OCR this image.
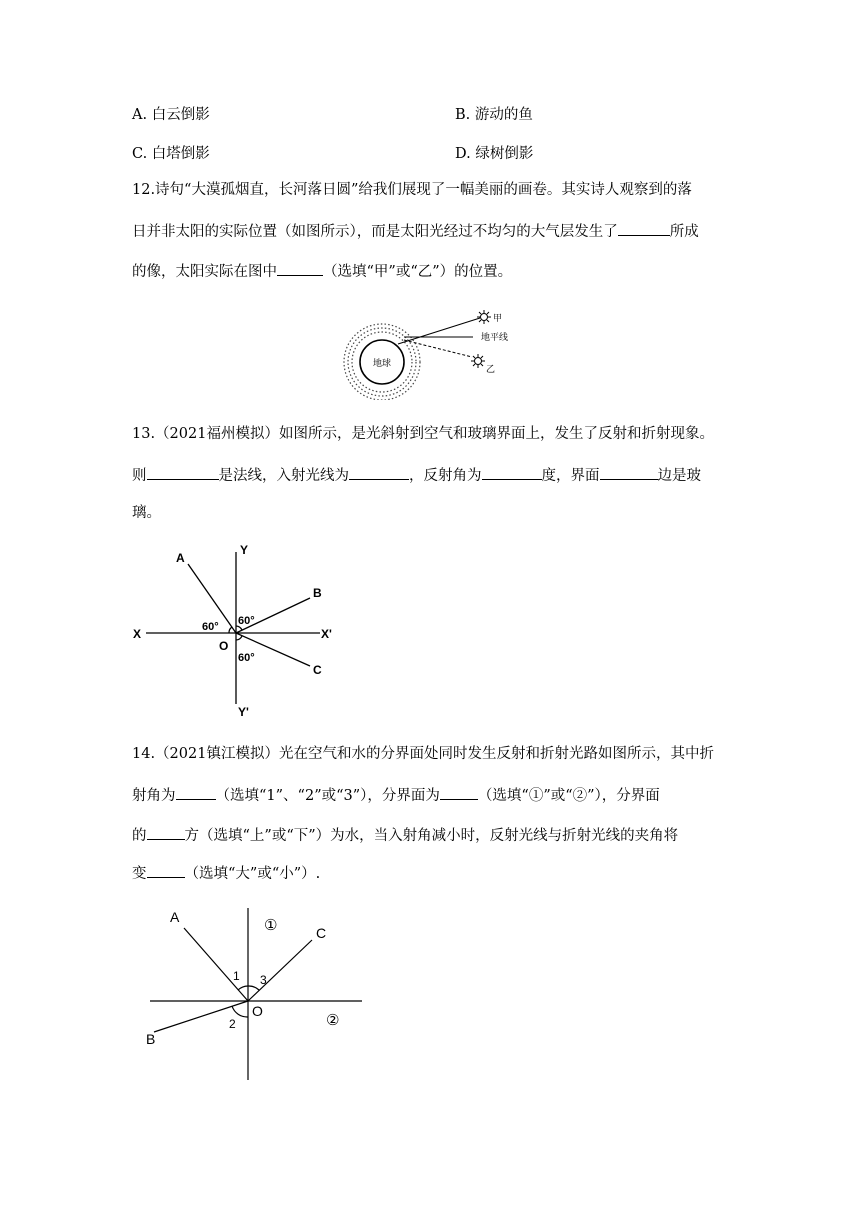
A. 白云倒影	B. 游动的鱼
C. 白塔倒影	D. 绿树倒影
12.诗句“大漠孤烟直，长河落日圆”给我们展现了一幅美丽的画卷。其实诗人观察到的落
日并非太阳的实际位置（如图所示），而是太阳光经过不均匀的大气层发生了	所成
的像，太阳实际在图中	（选填“甲”或“乙”）的位置。
地球
甲
地平线
乙
13.（2021福州模拟）如图所示，是光斜射到空气和玻璃界面上，发生了反射和折射现象。
则	是法线，入射光线为	，反射角为	度，界面	边是玻
璃。
A
Y
B
X	X'
O
C
Y'
60° 60°
60°
14.（2021镇江模拟）光在空气和水的分界面处同时发生反射和折射光路如图所示，其中折
射角为	（选填“1”、“2”或“3”），分界面为	（选填“①”或“②”），分界面
的	方（选填“上”或“下”）为水，当入射角减小时，反射光线与折射光线的夹角将
变	（选填“大”或“小”）.
A
C
B
O
1
2
3
①
②
